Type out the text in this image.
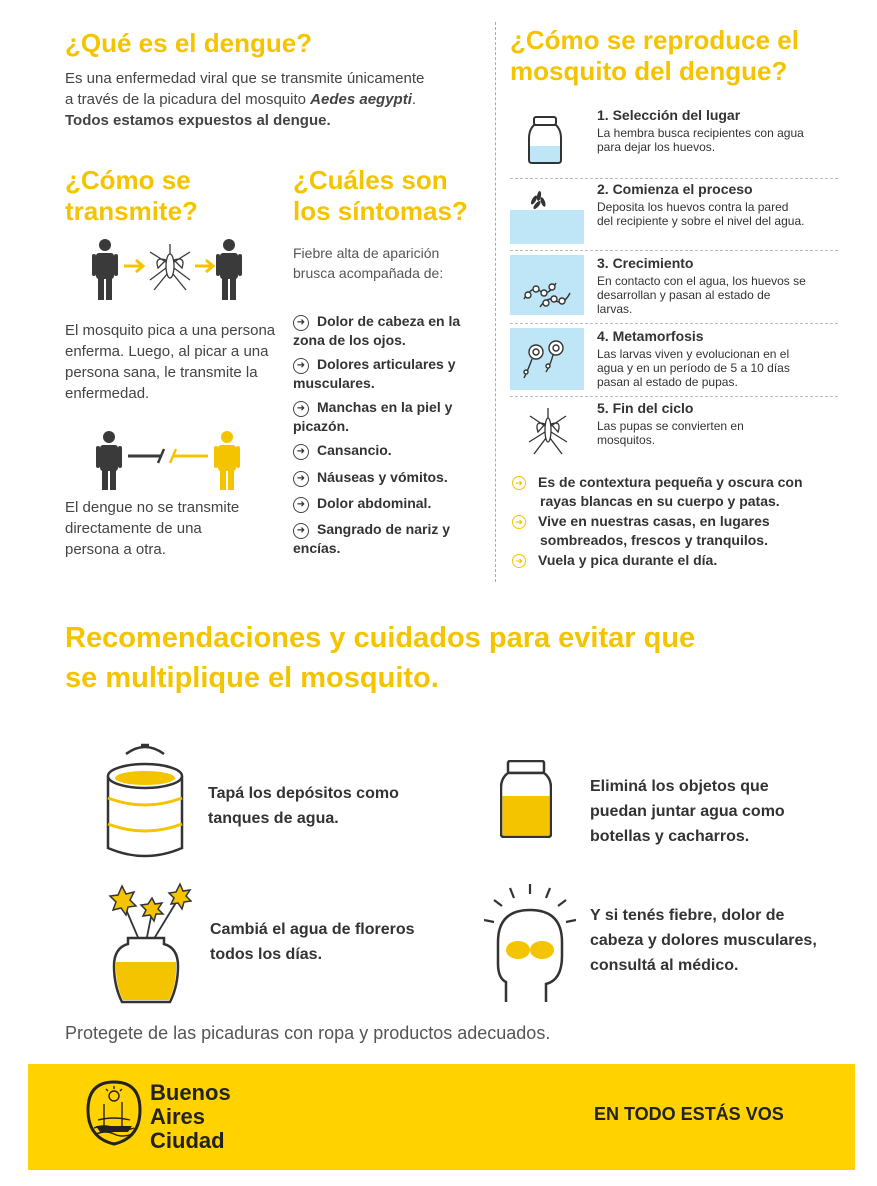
¿Qué es el dengue?
Es una enfermedad viral que se transmite únicamente
a través de la picadura del mosquito Aedes aegypti.
Todos estamos expuestos al dengue.
¿Cómo se
transmite?
El mosquito pica a una persona
enferma. Luego, al picar a una
persona sana, le transmite la
enfermedad.
El dengue no se transmite
directamente de una
persona a otra.
¿Cuáles son
los síntomas?
Fiebre alta de aparición
brusca acompañada de:
➜ Dolor de cabeza en la
zona de los ojos.
➜ Dolores articulares y
musculares.
➜ Manchas en la piel y
picazón.
➜ Cansancio.
➜ Náuseas y vómitos.
➜ Dolor abdominal.
➜ Sangrado de nariz y
encías.
¿Cómo se reproduce el
mosquito del dengue?
1. Selección del lugar
La hembra busca recipientes con agua
para dejar los huevos.
2. Comienza el proceso
Deposita los huevos contra la pared
del recipiente y sobre el nivel del agua.
3. Crecimiento
En contacto con el agua, los huevos se
desarrollan y pasan al estado de
larvas.
4. Metamorfosis
Las larvas viven y evolucionan en el
agua y en un período de 5 a 10 días
pasan al estado de pupas.
5. Fin del ciclo
Las pupas se convierten en
mosquitos.
➜ Es de contextura pequeña y oscura con
rayas blancas en su cuerpo y patas.
➜ Vive en nuestras casas, en lugares
sombreados, frescos y tranquilos.
➜ Vuela y pica durante el día.
Recomendaciones y cuidados para evitar que
se multiplique el mosquito.
Tapá los depósitos como
tanques de agua.
Eliminá los objetos que
puedan juntar agua como
botellas y cacharros.
Cambiá el agua de floreros
todos los días.
Y si tenés fiebre, dolor de
cabeza y dolores musculares,
consultá al médico.
Protegete de las picaduras con ropa y productos adecuados.
Buenos
Aires
Ciudad
EN TODO ESTÁS VOS
